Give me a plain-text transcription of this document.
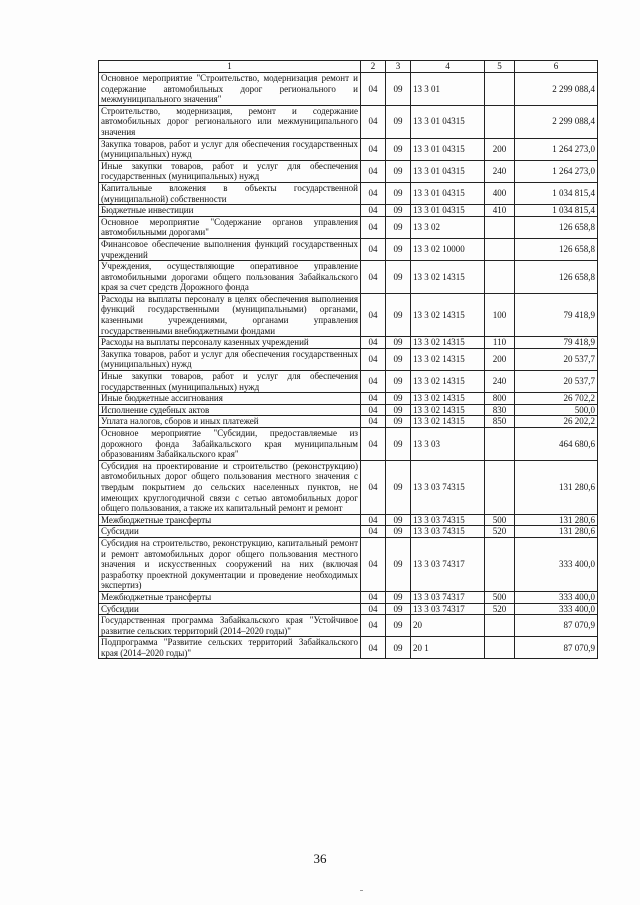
1	2	3	4	5	6
Основное мероприятие "Строительство, модернизация ремонт и содержание автомобильных дорог регионального и межмуниципального значения"	04	09	13 3 01		2 299 088,4
Строительство, модернизация, ремонт и содержание автомобильных дорог регионального или межмуниципального значения	04	09	13 3 01 04315		2 299 088,4
Закупка товаров, работ и услуг для обеспечения государственных (муниципальных) нужд	04	09	13 3 01 04315	200	1 264 273,0
Иные закупки товаров, работ и услуг для обеспечения государственных (муниципальных) нужд	04	09	13 3 01 04315	240	1 264 273,0
Капитальные вложения в объекты государственной (муниципальной) собственности	04	09	13 3 01 04315	400	1 034 815,4
Бюджетные инвестиции	04	09	13 3 01 04315	410	1 034 815,4
Основное мероприятие "Содержание органов управления автомобильными дорогами"	04	09	13 3 02		126 658,8
Финансовое обеспечение выполнения функций государственных учреждений	04	09	13 3 02 10000		126 658,8
Учреждения, осуществляющие оперативное управление автомобильными дорогами общего пользования Забайкальского края за счет средств Дорожного фонда	04	09	13 3 02 14315		126 658,8
Расходы на выплаты персоналу в целях обеспечения выполнения функций государственными (муниципальными) органами, казенными учреждениями, органами управления государственными внебюджетными фондами	04	09	13 3 02 14315	100	79 418,9
Расходы на выплаты персоналу казенных учреждений	04	09	13 3 02 14315	110	79 418,9
Закупка товаров, работ и услуг для обеспечения государственных (муниципальных) нужд	04	09	13 3 02 14315	200	20 537,7
Иные закупки товаров, работ и услуг для обеспечения государственных (муниципальных) нужд	04	09	13 3 02 14315	240	20 537,7
Иные бюджетные ассигнования	04	09	13 3 02 14315	800	26 702,2
Исполнение судебных актов	04	09	13 3 02 14315	830	500,0
Уплата налогов, сборов и иных платежей	04	09	13 3 02 14315	850	26 202,2
Основное мероприятие "Субсидии, предоставляемые из дорожного фонда Забайкальского края муниципальным образованиям Забайкальского края"	04	09	13 3 03		464 680,6
Субсидия на проектирование и строительство (реконструкцию) автомобильных дорог общего пользования местного значения с твердым покрытием до сельских населенных пунктов, не имеющих круглогодичной связи с сетью автомобильных дорог общего пользования, а также их капитальный ремонт и ремонт	04	09	13 3 03 74315		131 280,6
Межбюджетные трансферты	04	09	13 3 03 74315	500	131 280,6
Субсидии	04	09	13 3 03 74315	520	131 280,6
Субсидия на строительство, реконструкцию, капитальный ремонт и ремонт автомобильных дорог общего пользования местного значения и искусственных сооружений на них (включая разработку проектной документации и проведение необходимых экспертиз)	04	09	13 3 03 74317		333 400,0
Межбюджетные трансферты	04	09	13 3 03 74317	500	333 400,0
Субсидии	04	09	13 3 03 74317	520	333 400,0
Государственная программа Забайкальского края "Устойчивое развитие сельских территорий (2014–2020 годы)"	04	09	20		87 070,9
Подпрограмма "Развитие сельских территорий Забайкальского края (2014–2020 годы)"	04	09	20 1		87 070,9
36
